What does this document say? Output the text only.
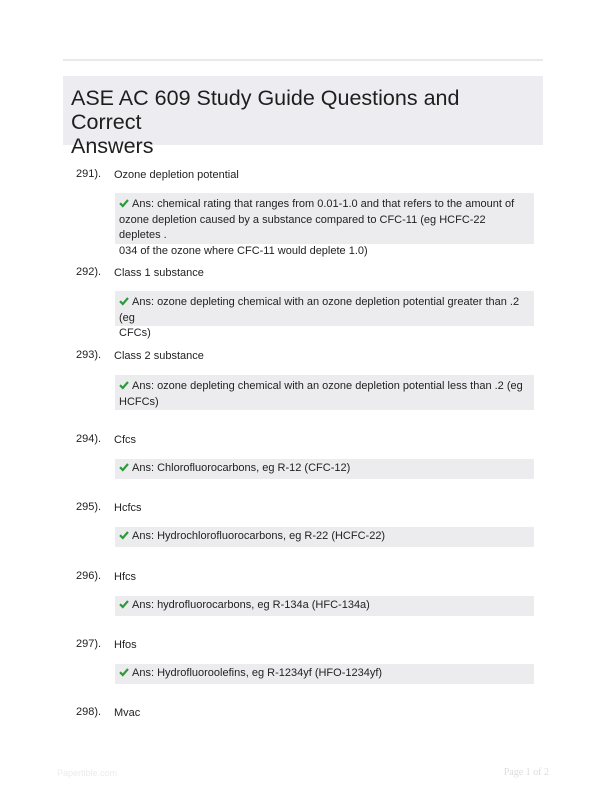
ASE AC 609 Study Guide Questions and Correct
Answers
291). Ozone depletion potential
Ans: chemical rating that ranges from 0.01-1.0 and that refers to the amount of
ozone depletion caused by a substance compared to CFC-11 (eg HCFC-22 depletes .
034 of the ozone where CFC-11 would deplete 1.0)
292). Class 1 substance
Ans: ozone depleting chemical with an ozone depletion potential greater than .2 (eg
CFCs)
293). Class 2 substance
Ans: ozone depleting chemical with an ozone depletion potential less than .2 (eg
HCFCs)
294). Cfcs
Ans: Chlorofluorocarbons, eg R-12 (CFC-12)
295). Hcfcs
Ans: Hydrochlorofluorocarbons, eg R-22 (HCFC-22)
296). Hfcs
Ans: hydrofluorocarbons, eg R-134a (HFC-134a)
297). Hfos
Ans: Hydrofluoroolefins, eg R-1234yf (HFO-1234yf)
298). Mvac
Papertible.com	Page 1 of 2
